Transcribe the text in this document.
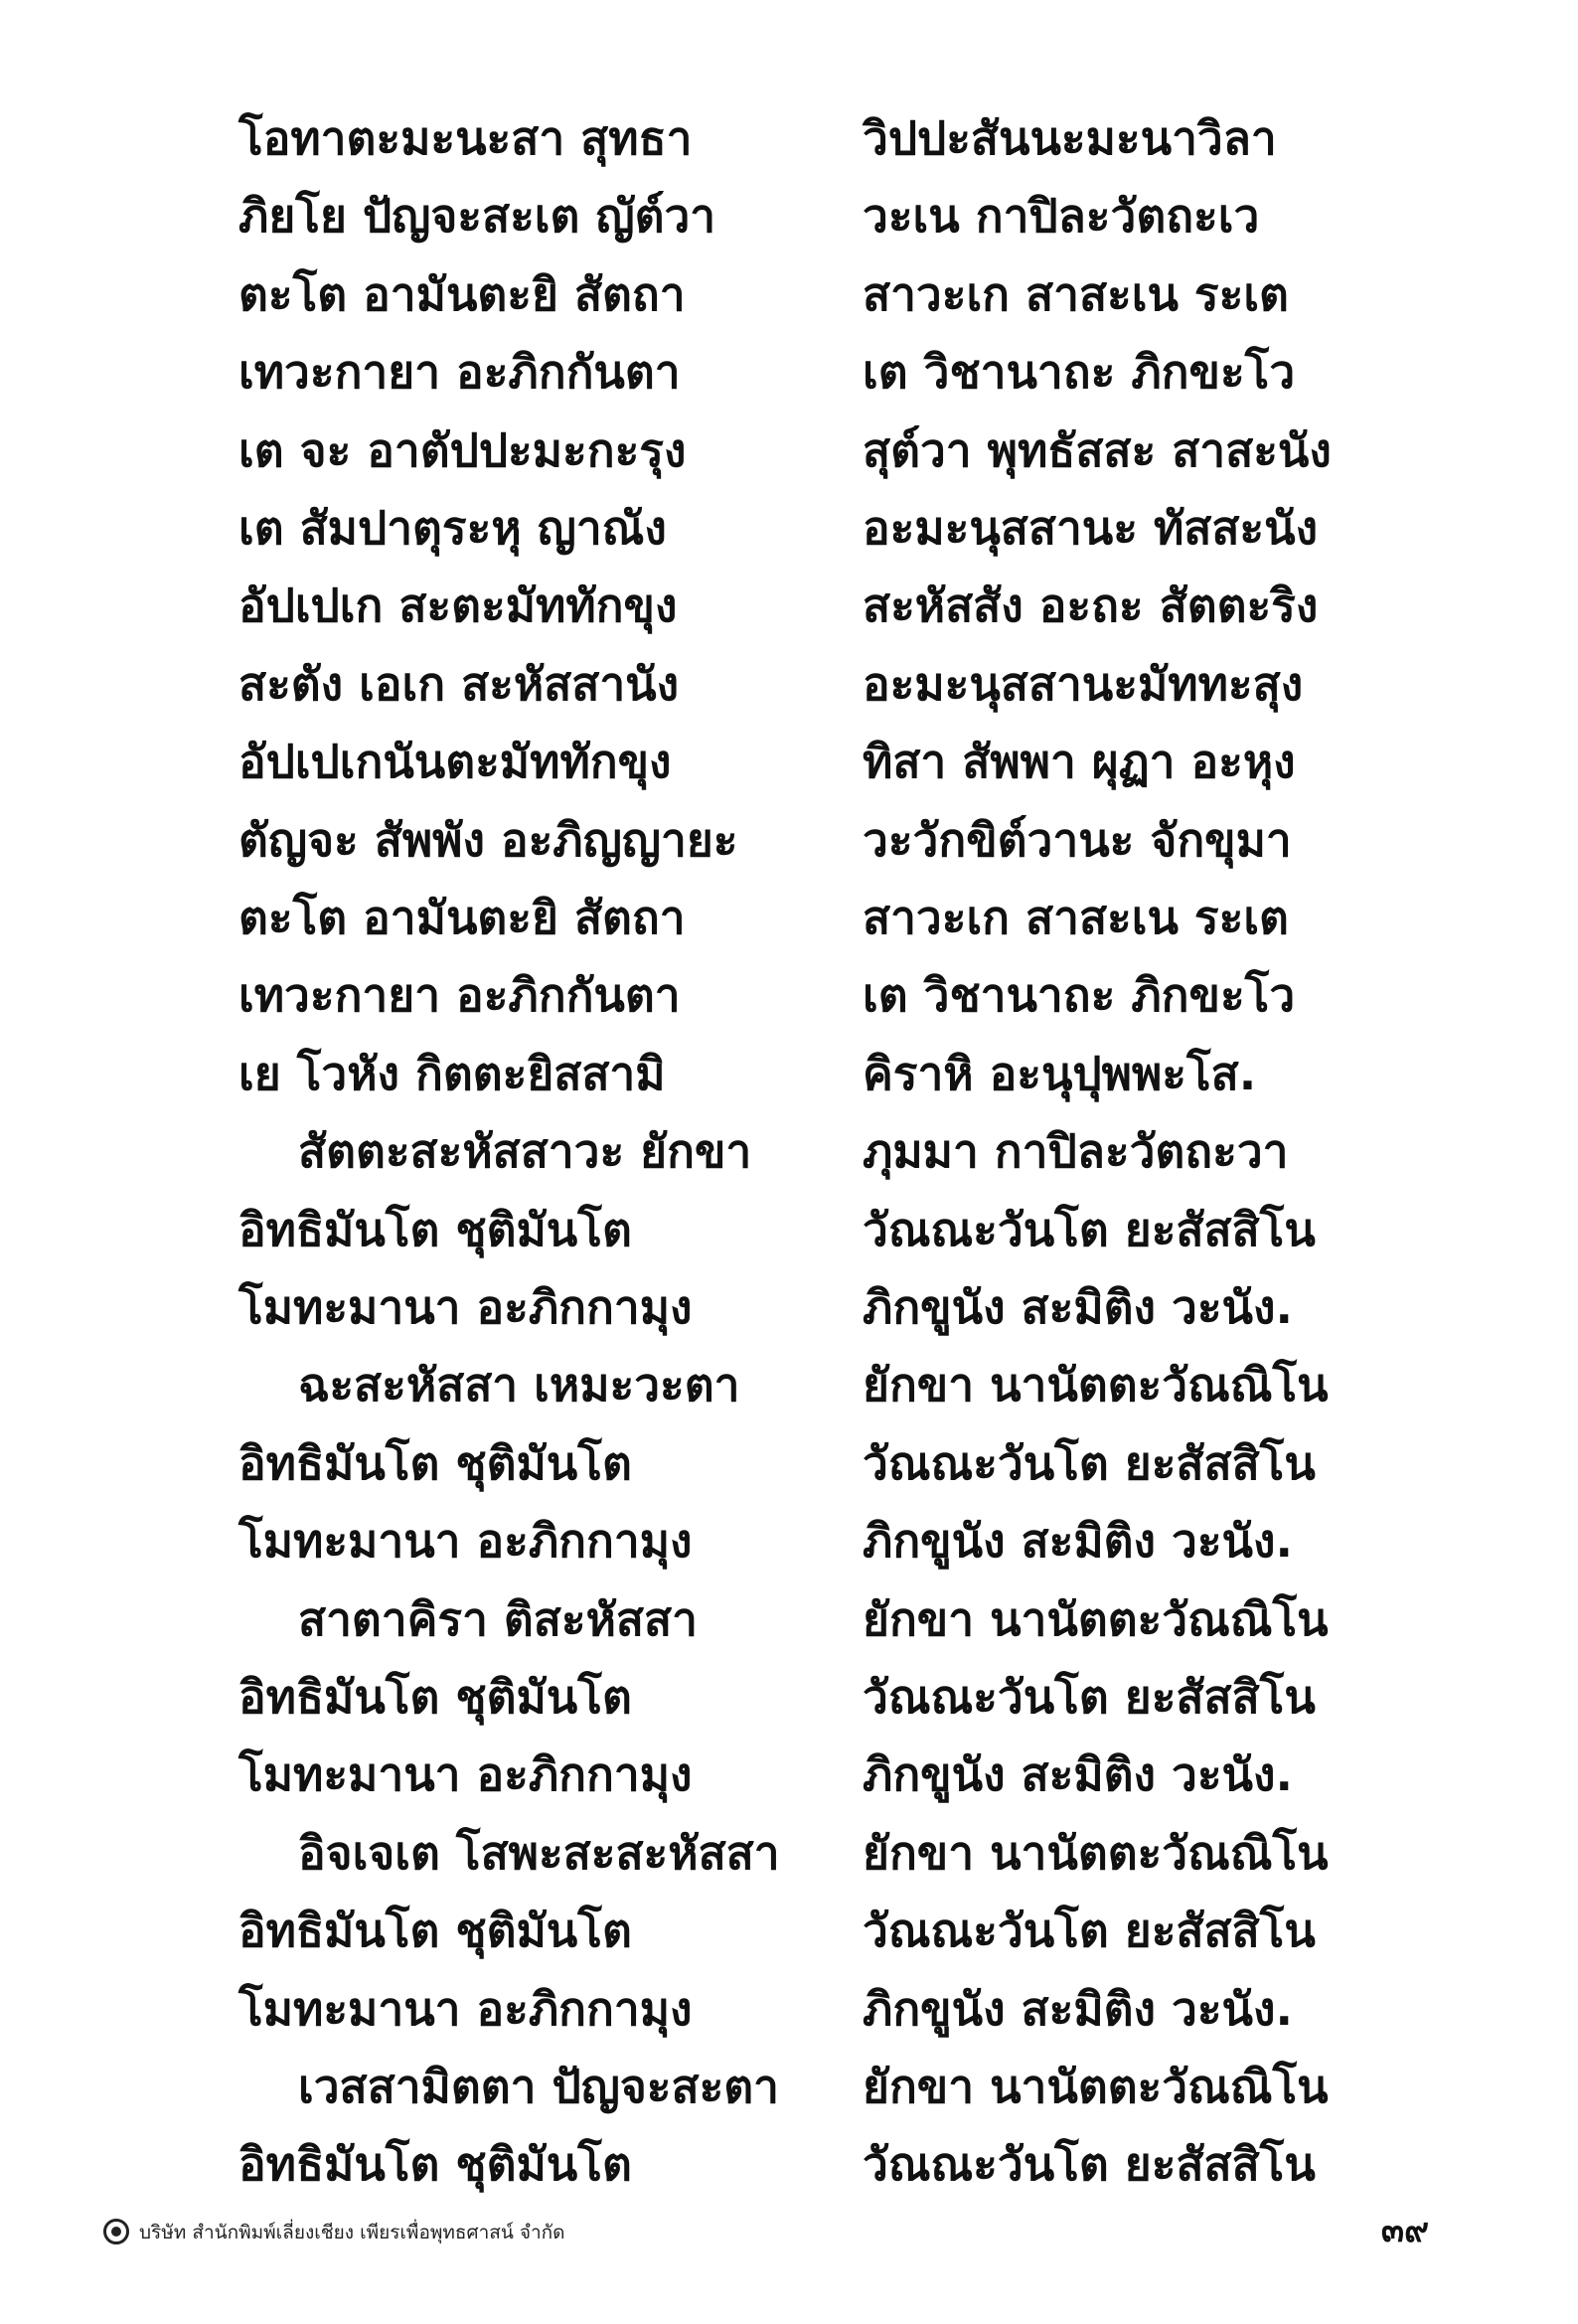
โอทาตะมะนะสา สุทธา	วิปปะสันนะมะนาวิลา
ภิยโย ปัญจะสะเต ญัต์วา	วะเน กาปิละวัตถะเว
ตะโต อามันตะยิ สัตถา	สาวะเก สาสะเน ระเต
เทวะกายา อะภิกกันตา	เต วิชานาถะ ภิกขะโว
เต จะ อาตัปปะมะกะรุง	สุต์วา พุทธัสสะ สาสะนัง
เต สัมปาตุระหุ ญาณัง	อะมะนุสสานะ ทัสสะนัง
อัปเปเก สะตะมัททักขุง	สะหัสสัง อะถะ สัตตะริง
สะตัง เอเก สะหัสสานัง	อะมะนุสสานะมัททะสุง
อัปเปเกนันตะมัททักขุง	ทิสา สัพพา ผุฏา อะหุง
ตัญจะ สัพพัง อะภิญญายะ	วะวักขิต์วานะ จักขุมา
ตะโต อามันตะยิ สัตถา	สาวะเก สาสะเน ระเต
เทวะกายา อะภิกกันตา	เต วิชานาถะ ภิกขะโว
เย โวหัง กิตตะยิสสามิ	คิราหิ อะนุปุพพะโส.
สัตตะสะหัสสาวะ ยักขา ภุมมา กาปิละวัตถะวา
อิทธิมันโต ชุติมันโต	วัณณะวันโต ยะสัสสิโน
โมทะมานา อะภิกกามุง	ภิกขูนัง สะมิติง วะนัง.
ฉะสะหัสสา เหมะวะตา	ยักขา นานัตตะวัณณิโน
อิทธิมันโต ชุติมันโต	วัณณะวันโต ยะสัสสิโน
โมทะมานา อะภิกกามุง	ภิกขูนัง สะมิติง วะนัง.
สาตาคิรา ติสะหัสสา	ยักขา นานัตตะวัณณิโน
อิทธิมันโต ชุติมันโต	วัณณะวันโต ยะสัสสิโน
โมทะมานา อะภิกกามุง	ภิกขูนัง สะมิติง วะนัง.
อิจเจเต โสพะสะสะหัสสา ยักขา นานัตตะวัณณิโน
อิทธิมันโต ชุติมันโต	วัณณะวันโต ยะสัสสิโน
โมทะมานา อะภิกกามุง	ภิกขูนัง สะมิติง วะนัง.
เวสสามิตตา ปัญจะสะตา ยักขา นานัตตะวัณณิโน
อิทธิมันโต ชุติมันโต	วัณณะวันโต ยะสัสสิโน
บริษัท สำนักพิมพ์เลี่ยงเชียง เพียรเพื่อพุทธศาสน์ จำกัด	๓๙
